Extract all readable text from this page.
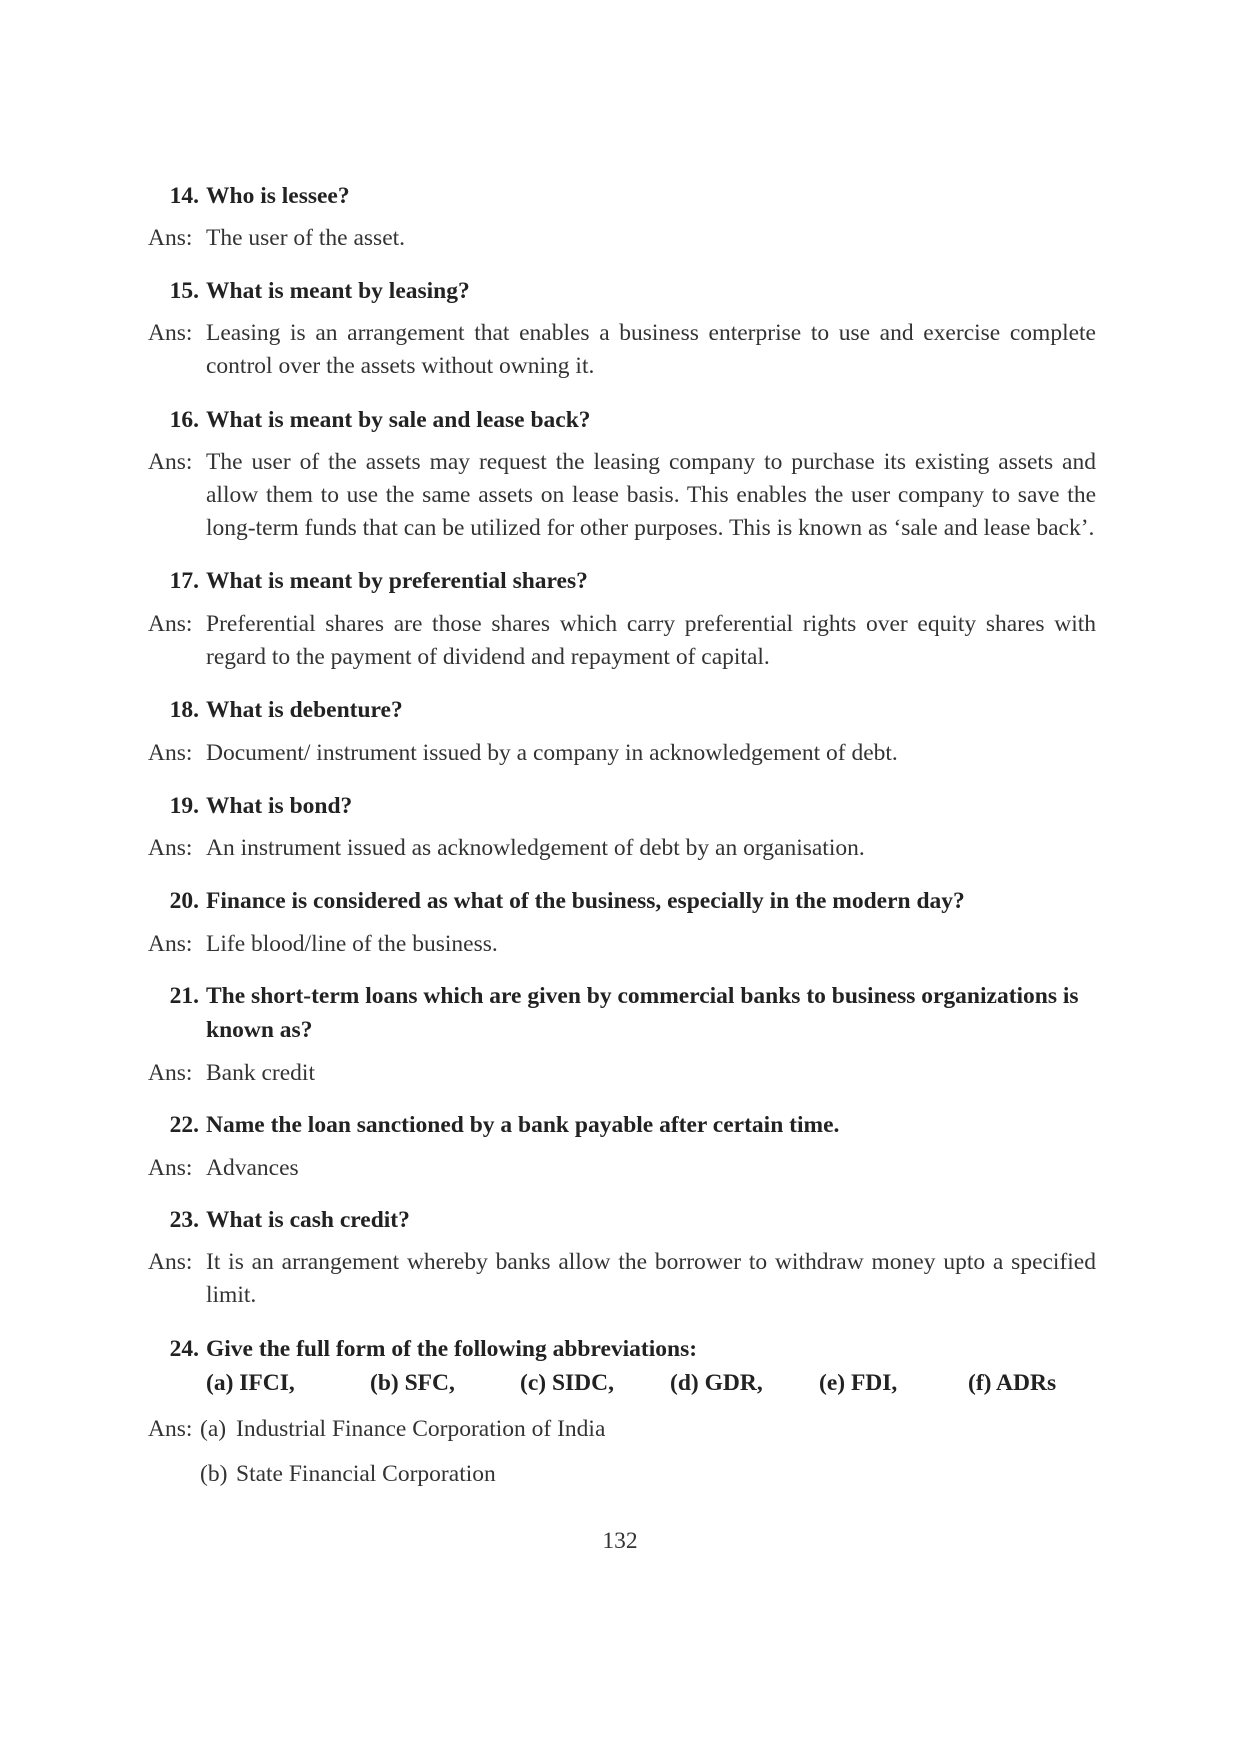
14. Who is lessee?
Ans: The user of the asset.
15. What is meant by leasing?
Ans: Leasing is an arrangement that enables a business enterprise to use and exercise complete control over the assets without owning it.
16. What is meant by sale and lease back?
Ans: The user of the assets may request the leasing company to purchase its existing assets and allow them to use the same assets on lease basis. This enables the user company to save the long-term funds that can be utilized for other purposes. This is known as ‘sale and lease back’.
17. What is meant by preferential shares?
Ans: Preferential shares are those shares which carry preferential rights over equity shares with regard to the payment of dividend and repayment of capital.
18. What is debenture?
Ans: Document/ instrument issued by a company in acknowledgement of debt.
19. What is bond?
Ans: An instrument issued as acknowledgement of debt by an organisation.
20. Finance is considered as what of the business, especially in the modern day?
Ans: Life blood/line of the business.
21. The short-term loans which are given by commercial banks to business organizations is known as?
Ans: Bank credit
22. Name the loan sanctioned by a bank payable after certain time.
Ans: Advances
23. What is cash credit?
Ans: It is an arrangement whereby banks allow the borrower to withdraw money upto a specified limit.
24. Give the full form of the following abbreviations:
(a) IFCI,	(b) SFC,	(c) SIDC, (d) GDR, (e) FDI,	(f) ADRs
Ans: (a) Industrial Finance Corporation of India
(b) State Financial Corporation
132
